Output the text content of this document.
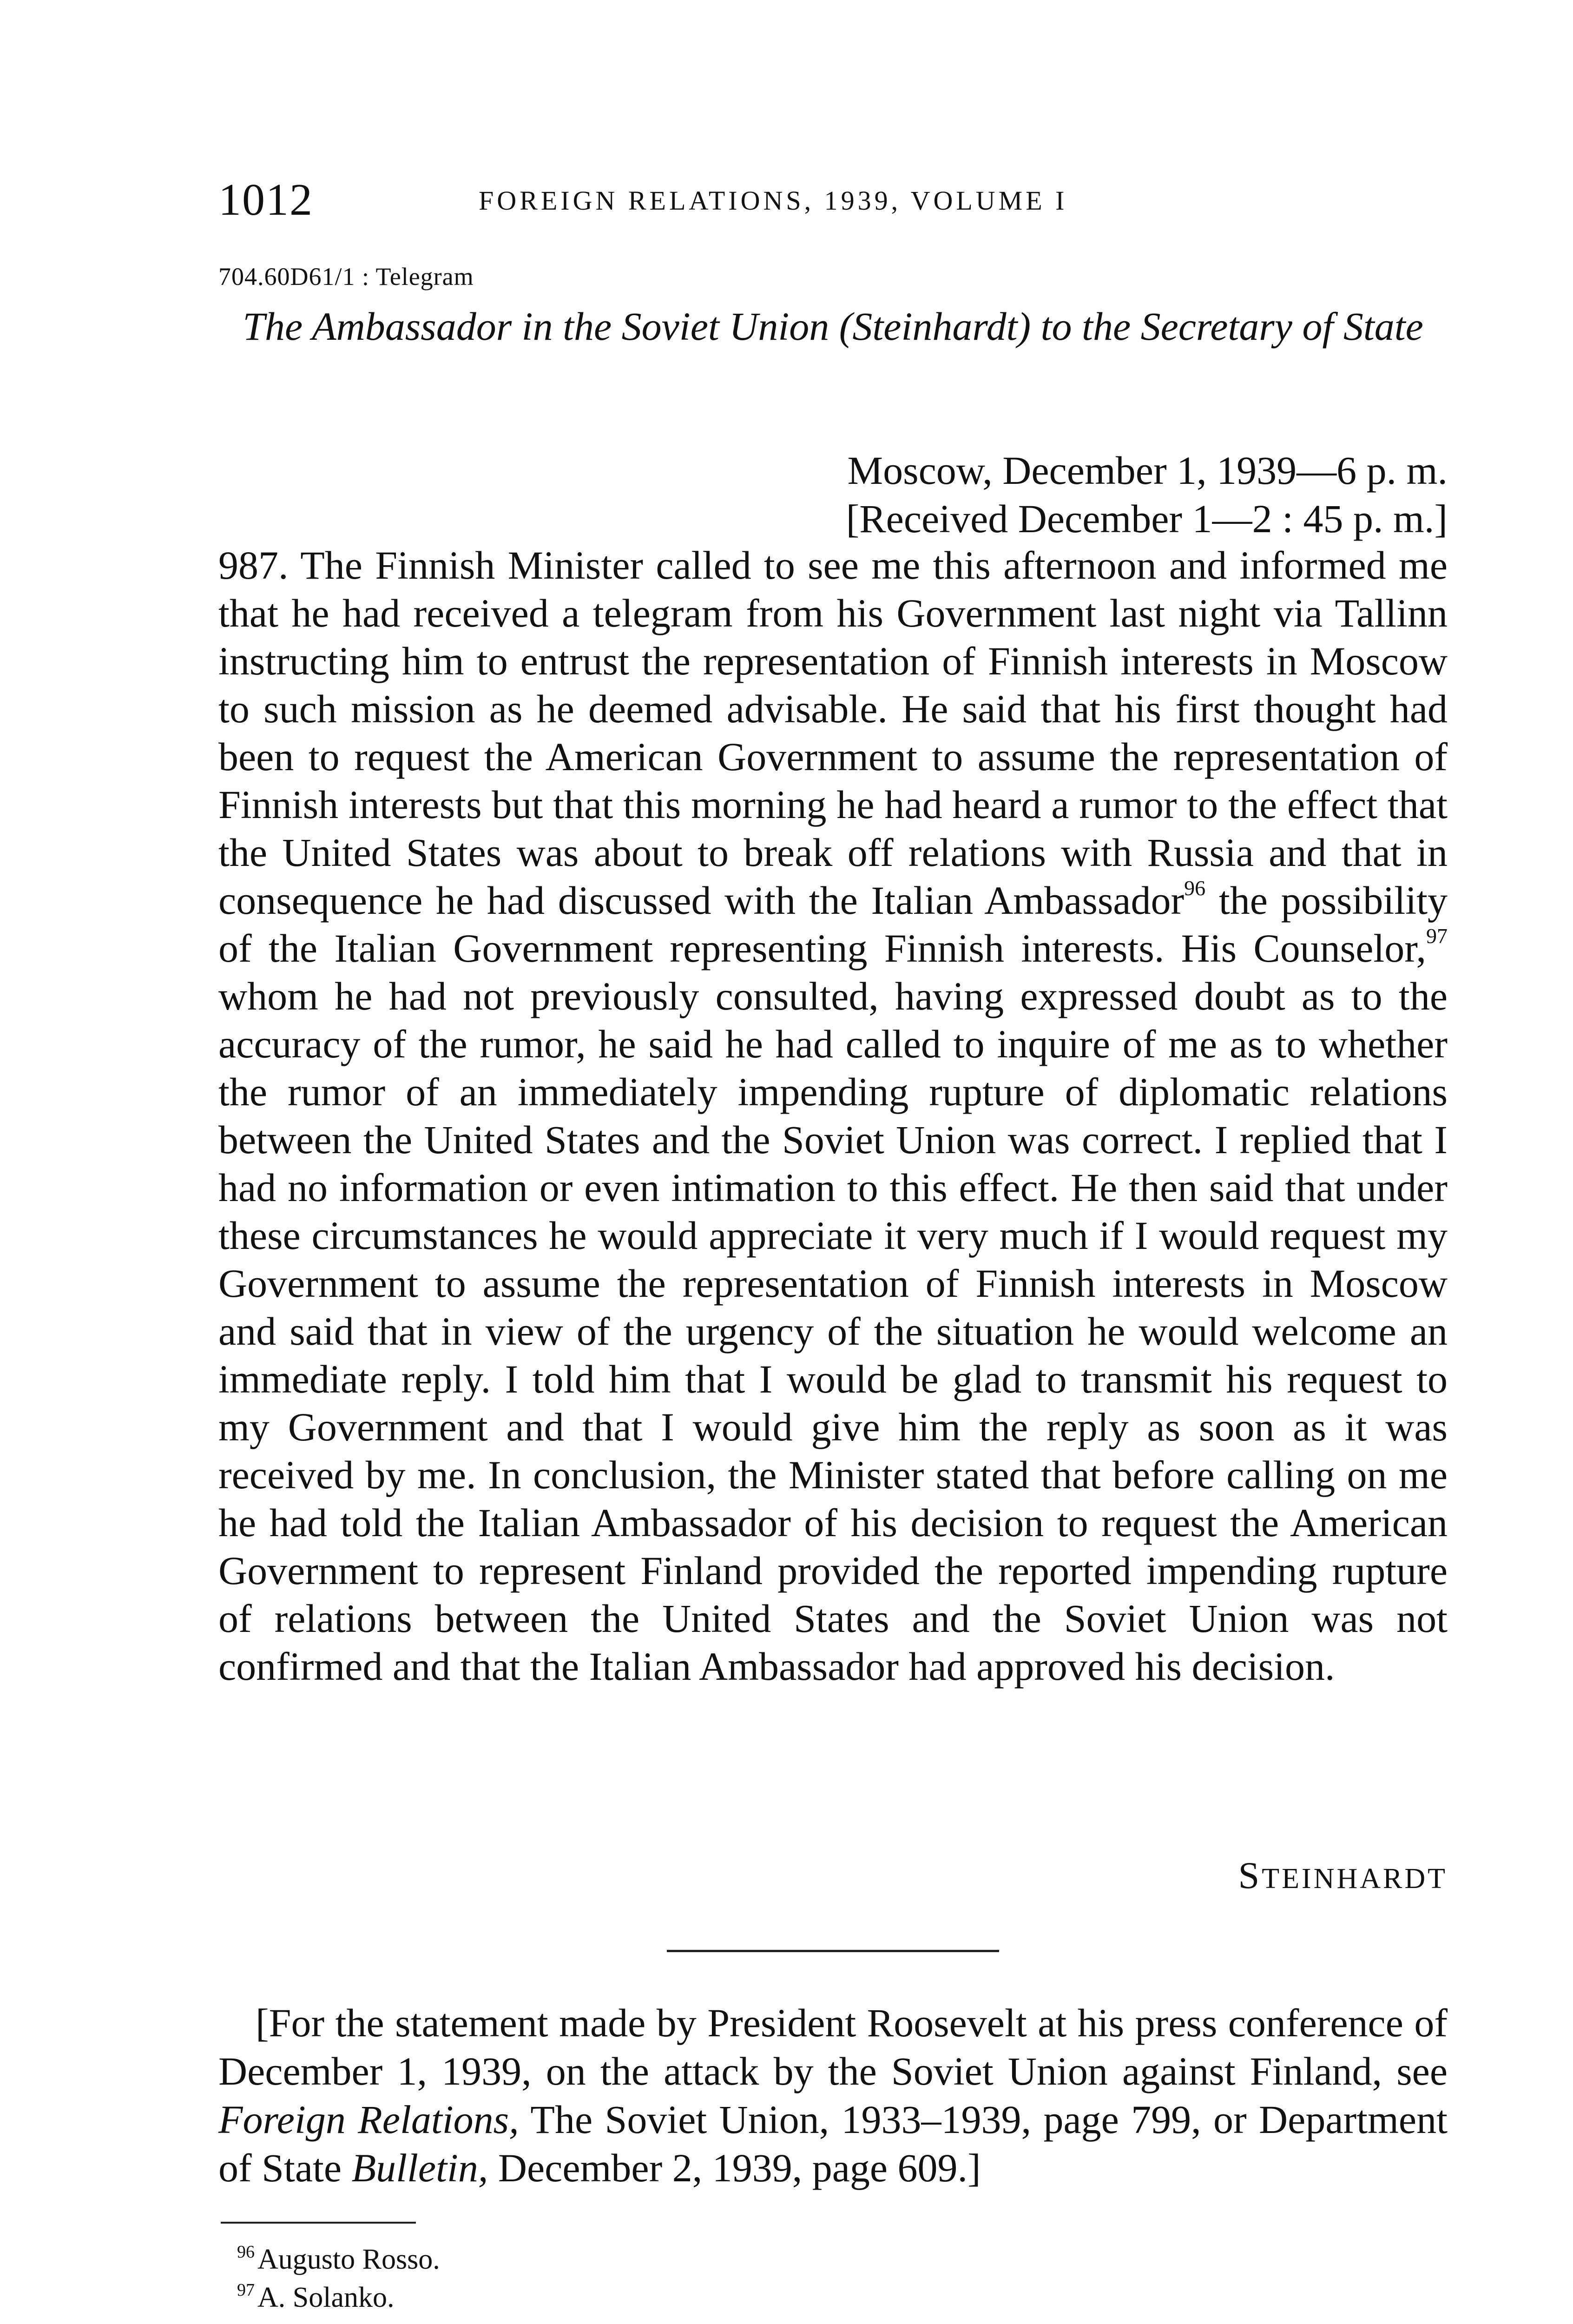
1012	FOREIGN RELATIONS, 1939, VOLUME I
704.60D61/1 : Telegram
The Ambassador in the Soviet Union (Steinhardt) to the Secretary of State
Moscow, December 1, 1939—6 p. m.
[Received December 1—2 : 45 p. m.]

987. The Finnish Minister called to see me this afternoon and informed me that he had received a telegram from his Government last night via Tallinn instructing him to entrust the representation of Finnish interests in Moscow to such mission as he deemed advisable. He said that his first thought had been to request the American Government to assume the representation of Finnish interests but that this morning he had heard a rumor to the effect that the United States was about to break off relations with Russia and that in consequence he had discussed with the Italian Ambassador$^{96}$ the possibility of the Italian Government representing Finnish interests. His Counselor,$^{97}$ whom he had not previously consulted, having expressed doubt as to the accuracy of the rumor, he said he had called to inquire of me as to whether the rumor of an immediately impending rupture of diplomatic relations between the United States and the Soviet Union was correct. I replied that I had no information or even intimation to this effect. He then said that under these circumstances he would appreciate it very much if I would request my Government to assume the representation of Finnish interests in Moscow and said that in view of the urgency of the situation he would welcome an immediate reply. I told him that I would be glad to transmit his request to my Government and that I would give him the reply as soon as it was received by me. In conclusion, the Minister stated that before calling on me he had told the Italian Ambassador of his decision to request the American Government to represent Finland provided the reported impending rupture of relations between the United States and the Soviet Union was not confirmed and that the Italian Ambassador had approved his decision.

STEINHARDT

[For the statement made by President Roosevelt at his press conference of December 1, 1939, on the attack by the Soviet Union against Finland, see Foreign Relations, The Soviet Union, 1933–1939, page 799, or Department of State Bulletin, December 2, 1939, page 609.]

$^{96}$Augusto Rosso.
$^{97}$A. Solanko.
